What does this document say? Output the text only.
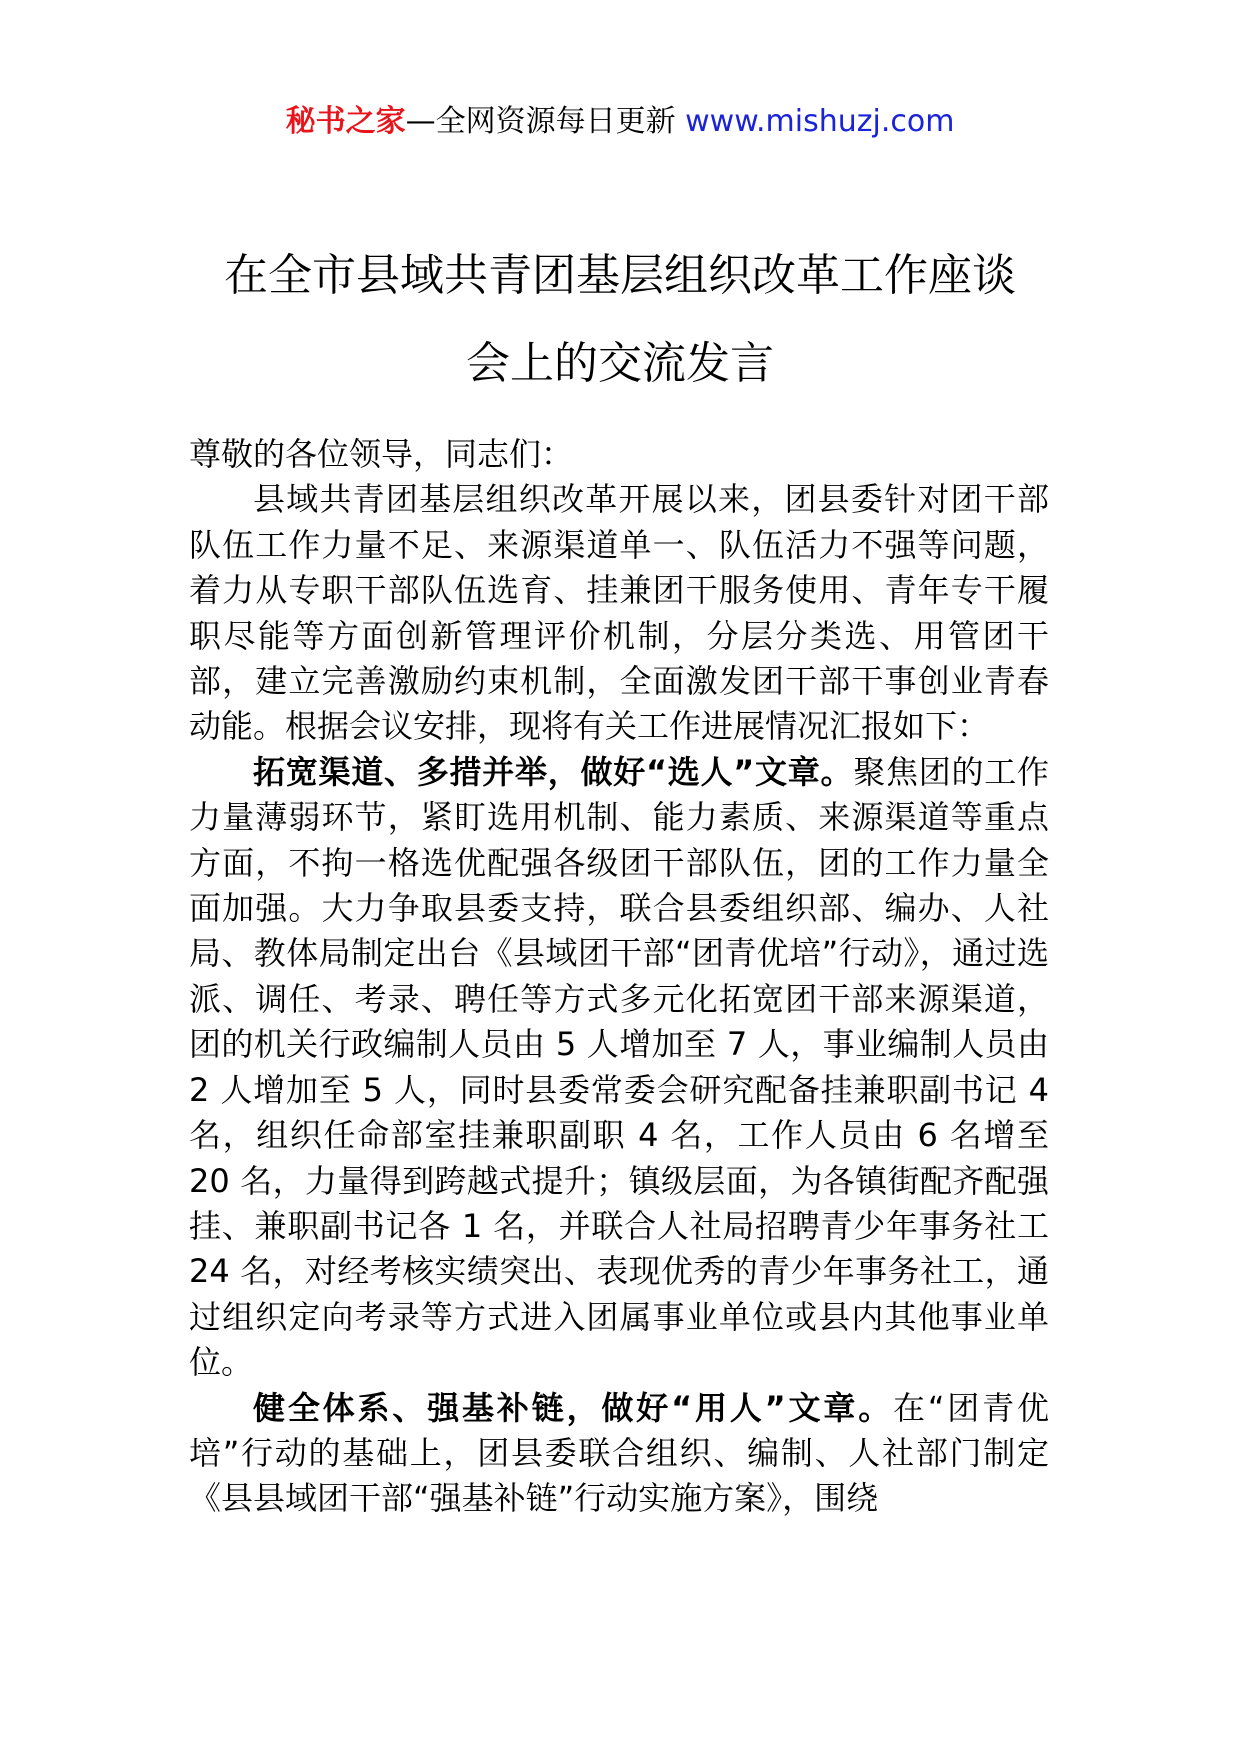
秘书之家—全网资源每日更新 www.mishuzj.com
在全市县域共青团基层组织改革工作座谈
会上的交流发言

尊敬的各位领导，同志们：

县域共青团基层组织改革开展以来，团县委针对团干部队伍工作力量不足、来源渠道单一、队伍活力不强等问题，着力从专职干部队伍选育、挂兼团干服务使用、青年专干履职尽能等方面创新管理评价机制，分层分类选、用管团干部，建立完善激励约束机制，全面激发团干部干事创业青春动能。根据会议安排，现将有关工作进展情况汇报如下：

拓宽渠道、多措并举，做好“选人”文章。聚焦团的工作力量薄弱环节，紧盯选用机制、能力素质、来源渠道等重点方面，不拘一格选优配强各级团干部队伍，团的工作力量全面加强。大力争取县委支持，联合县委组织部、编办、人社局、教体局制定出台《县域团干部“团青优培”行动》，通过选派、调任、考录、聘任等方式多元化拓宽团干部来源渠道，团的机关行政编制人员由 5 人增加至 7 人，事业编制人员由 2 人增加至 5 人，同时县委常委会研究配备挂兼职副书记 4 名，组织任命部室挂兼职副职 4 名，工作人员由 6 名增至 20 名，力量得到跨越式提升；镇级层面，为各镇街配齐配强挂、兼职副书记各 1 名，并联合人社局招聘青少年事务社工 24 名，对经考核实绩突出、表现优秀的青少年事务社工，通过组织定向考录等方式进入团属事业单位或县内其他事业单位。

健全体系、强基补链，做好“用人”文章。在“团青优培”行动的基础上，团县委联合组织、编制、人社部门制定《县县域团干部“强基补链”行动实施方案》，围绕
